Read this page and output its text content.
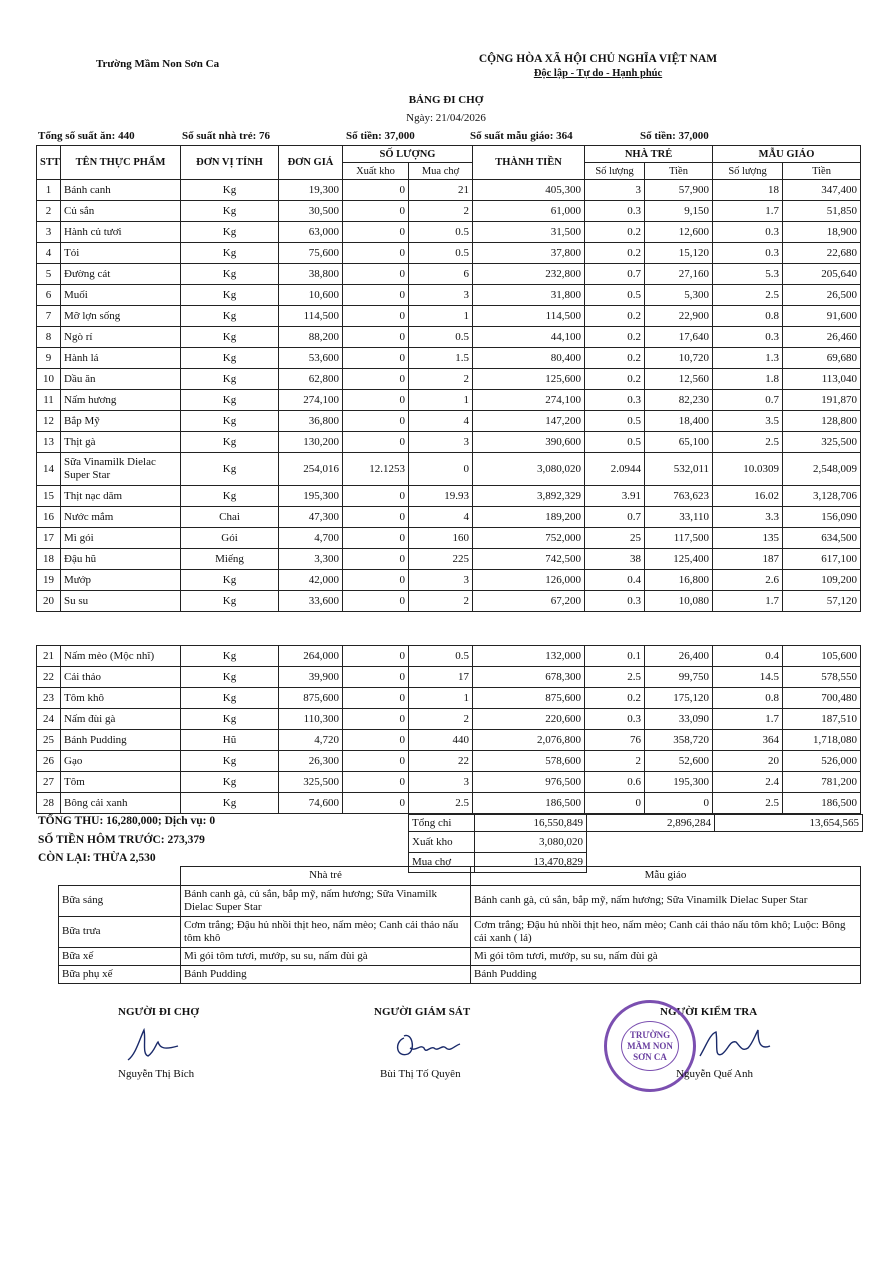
Trường Mầm Non Sơn Ca	CỘNG HÒA XÃ HỘI CHỦ NGHĨA VIỆT NAM
Độc lập - Tự do - Hạnh phúc
BẢNG ĐI CHỢ
Ngày: 21/04/2026
Tổng số suất ăn: 440	Số suất nhà trẻ: 76	Số tiền: 37,000	Số suất mẫu giáo: 364	Số tiền: 37,000
STT	TÊN THỰC PHẨM	ĐƠN VỊ TÍNH	ĐƠN GIÁ	SỐ LƯỢNG		THÀNH TIỀN	NHÀ TRẺ		MẪU GIÁO	
				Xuất kho	Mua chợ		Số lượng	Tiền	Số lượng	Tiền
1	Bánh canh	Kg	19,300	0	21	405,300	3	57,900	18	347,400
2	Củ sắn	Kg	30,500	0	2	61,000	0.3	9,150	1.7	51,850
3	Hành củ tươi	Kg	63,000	0	0.5	31,500	0.2	12,600	0.3	18,900
4	Tỏi	Kg	75,600	0	0.5	37,800	0.2	15,120	0.3	22,680
5	Đường cát	Kg	38,800	0	6	232,800	0.7	27,160	5.3	205,640
6	Muối	Kg	10,600	0	3	31,800	0.5	5,300	2.5	26,500
7	Mỡ lợn sống	Kg	114,500	0	1	114,500	0.2	22,900	0.8	91,600
8	Ngò rí	Kg	88,200	0	0.5	44,100	0.2	17,640	0.3	26,460
9	Hành lá	Kg	53,600	0	1.5	80,400	0.2	10,720	1.3	69,680
10	Dầu ăn	Kg	62,800	0	2	125,600	0.2	12,560	1.8	113,040
11	Nấm hương	Kg	274,100	0	1	274,100	0.3	82,230	0.7	191,870
12	Bắp Mỹ	Kg	36,800	0	4	147,200	0.5	18,400	3.5	128,800
13	Thịt gà	Kg	130,200	0	3	390,600	0.5	65,100	2.5	325,500
14	Sữa Vinamilk Dielac Super Star	Kg	254,016	12.1253	0	3,080,020	2.0944	532,011	10.0309	2,548,009
15	Thịt nạc dăm	Kg	195,300	0	19.93	3,892,329	3.91	763,623	16.02	3,128,706
16	Nước mắm	Chai	47,300	0	4	189,200	0.7	33,110	3.3	156,090
17	Mì gói	Gói	4,700	0	160	752,000	25	117,500	135	634,500
18	Đậu hũ	Miếng	3,300	0	225	742,500	38	125,400	187	617,100
19	Mướp	Kg	42,000	0	3	126,000	0.4	16,800	2.6	109,200
20	Su su	Kg	33,600	0	2	67,200	0.3	10,080	1.7	57,120
21	Nấm mèo (Mộc nhĩ)	Kg	264,000	0	0.5	132,000	0.1	26,400	0.4	105,600
22	Cải thảo	Kg	39,900	0	17	678,300	2.5	99,750	14.5	578,550
23	Tôm khô	Kg	875,600	0	1	875,600	0.2	175,120	0.8	700,480
24	Nấm đùi gà	Kg	110,300	0	2	220,600	0.3	33,090	1.7	187,510
25	Bánh Pudding	Hũ	4,720	0	440	2,076,800	76	358,720	364	1,718,080
26	Gạo	Kg	26,300	0	22	578,600	2	52,600	20	526,000
27	Tôm	Kg	325,500	0	3	976,500	0.6	195,300	2.4	781,200
28	Bông cải xanh	Kg	74,600	0	2.5	186,500	0	0	2.5	186,500
TỔNG THU: 16,280,000; Dịch vụ: 0
SỐ TIỀN HÔM TRƯỚC: 273,379
CÒN LẠI: THỪA 2,530
Tổng chi	16,550,849	2,896,284	13,654,565
Xuất kho	3,080,020		
Mua chợ	13,470,829		
	Nhà trẻ	Mẫu giáo
Bữa sáng	Bánh canh gà, củ sắn, bắp mỹ, nấm hương; Sữa Vinamilk Dielac Super Star	Bánh canh gà, củ sắn, bắp mỹ, nấm hương; Sữa Vinamilk Dielac Super Star
Bữa trưa	Cơm trắng; Đậu hủ nhồi thịt heo, nấm mèo; Canh cải thảo nấu tôm khô	Cơm trắng; Đậu hủ nhồi thịt heo, nấm mèo; Canh cải thảo nấu tôm khô; Luộc: Bông cải xanh ( lá)
Bữa xế	Mì gói tôm tươi, mướp, su su, nấm đùi gà	Mì gói tôm tươi, mướp, su su, nấm đùi gà
Bữa phụ xế	Bánh Pudding	Bánh Pudding
NGƯỜI ĐI CHỢ	NGƯỜI GIÁM SÁT	NGƯỜI KIỂM TRA
TRƯỜNG
MẦM NON
SƠN CA
Nguyễn Thị Bích	Bùi Thị Tố Quyên	Nguyễn Quế Anh
